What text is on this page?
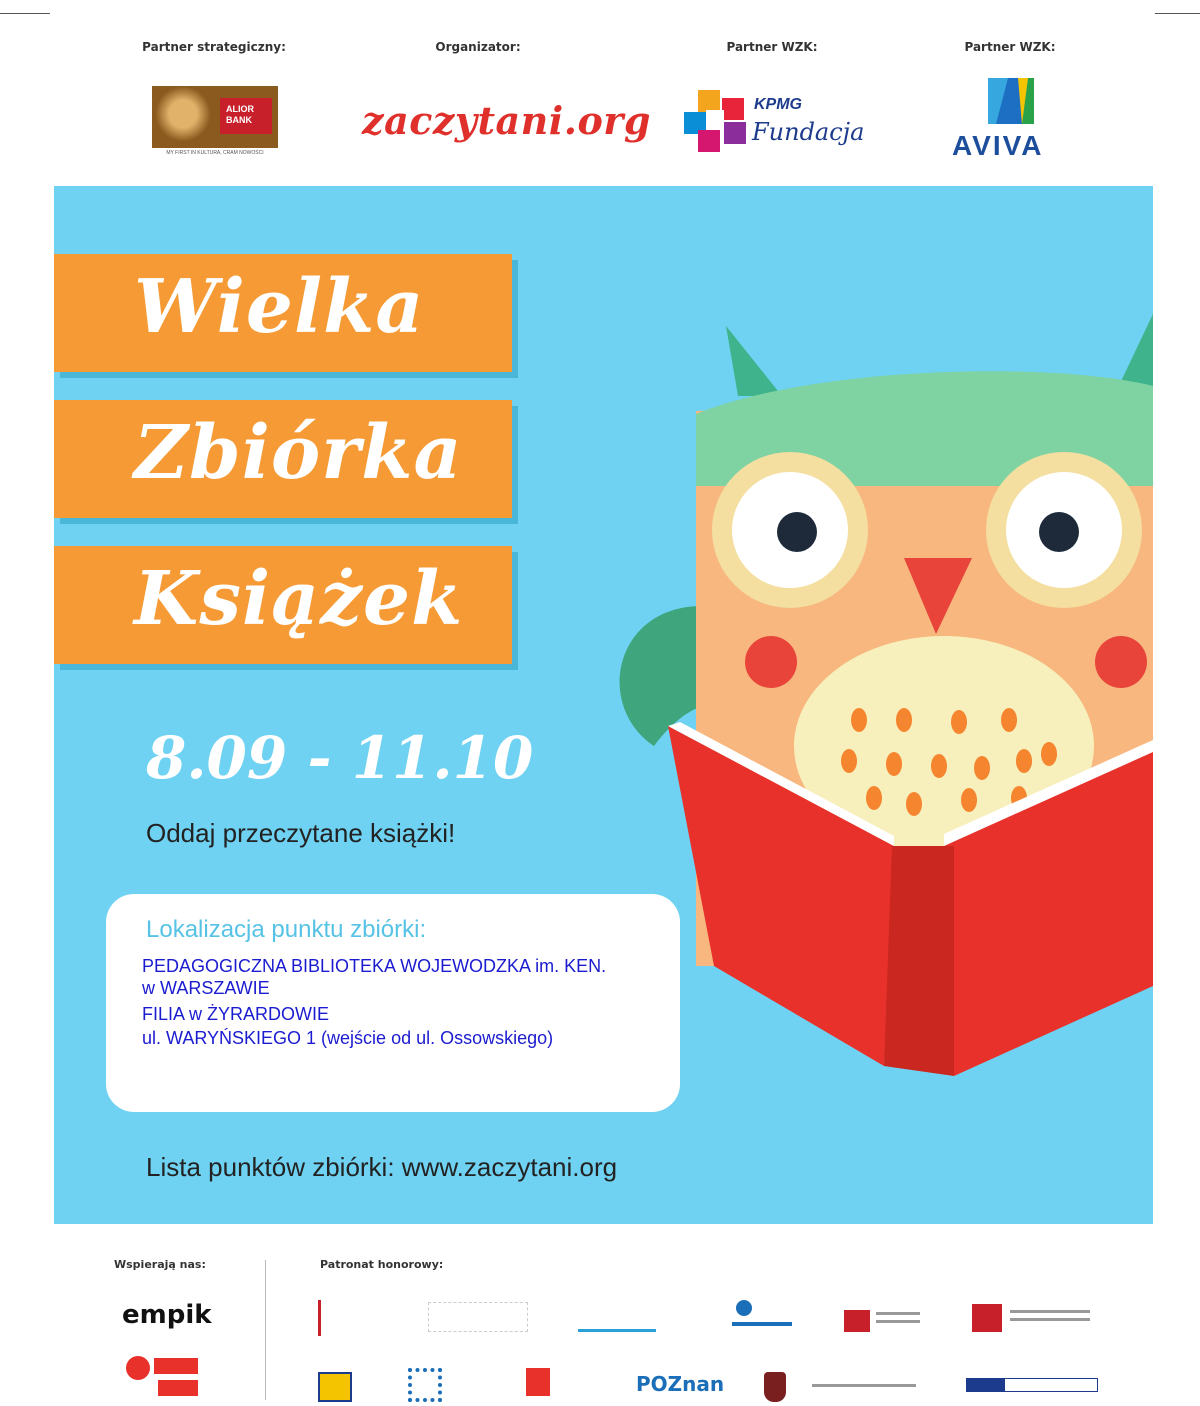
Partner strategiczny:	Organizator:	Partner WZK:	Partner WZK:
ALIOR BANK
MY FIRST IN KULTURA, CRAM NOWOŚCI
zaczytani.org	KPMG
Fundacja	AVIVA
Wielka
Zbiórka
Książek
8.09 - 11.10
Oddaj przeczytane książki!
Lokalizacja punktu zbiórki:
PEDAGOGICZNA BIBLIOTEKA WOJEWODZKA im. KEN.
w WARSZAWIE
FILIA w ŻYRARDOWIE
ul. WARYŃSKIEGO 1 (wejście od ul. Ossowskiego)
Lista punktów zbiórki: www.zaczytani.org
Wspierają nas:	Patronat honorowy:
empik
POZnan
